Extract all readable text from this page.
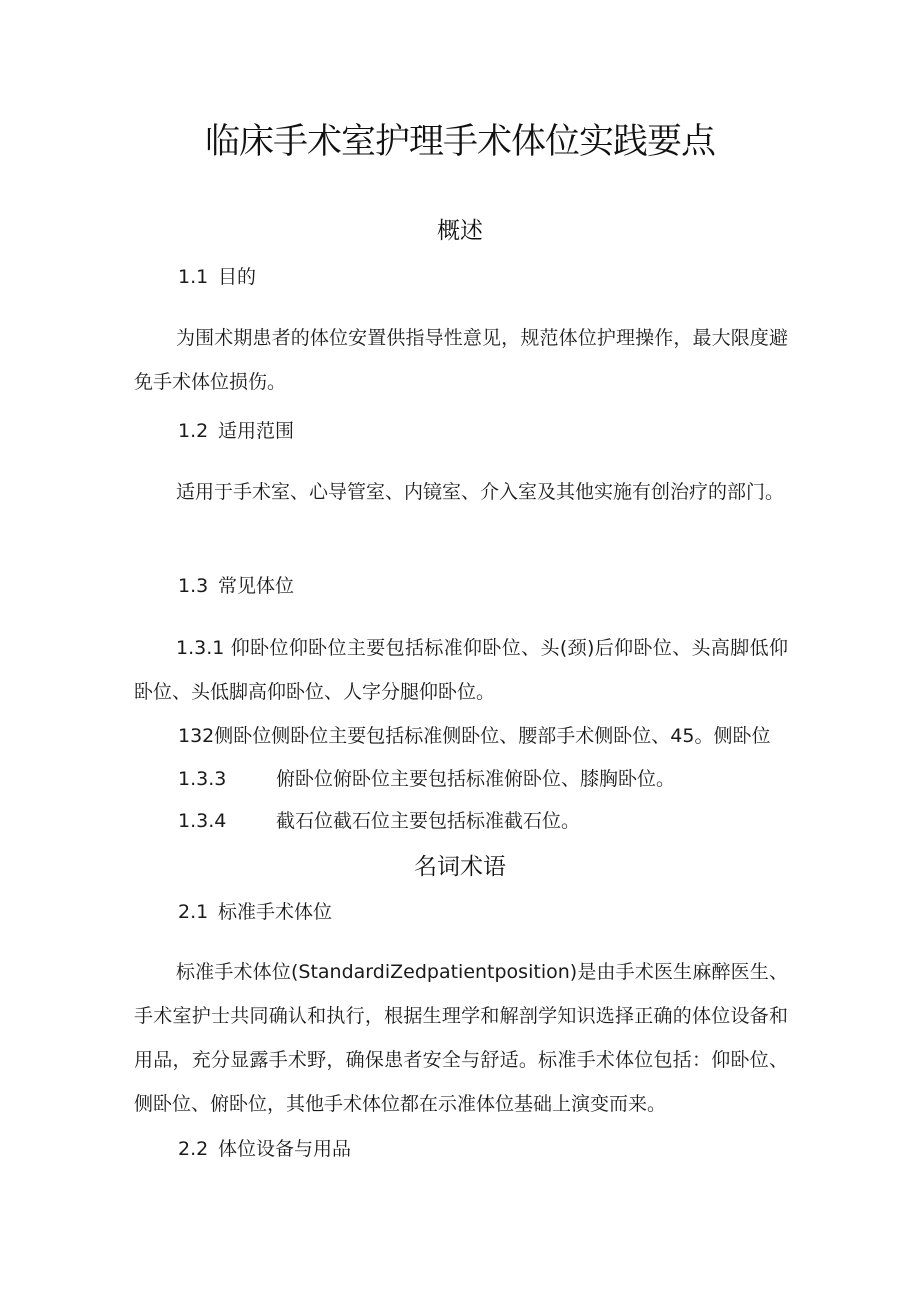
临床手术室护理手术体位实践要点
概述
1.1 目的
为围术期患者的体位安置供指导性意见，规范体位护理操作，最大限度避免手术体位损伤。
1.2 适用范围
适用于手术室、心导管室、内镜室、介入室及其他实施有创治疗的部门。
1.3 常见体位
1.3.1 仰卧位仰卧位主要包括标准仰卧位、头(颈)后仰卧位、头高脚低仰卧位、头低脚高仰卧位、人字分腿仰卧位。
132侧卧位侧卧位主要包括标准侧卧位、腰部手术侧卧位、45。侧卧位
1.3.3	俯卧位俯卧位主要包括标准俯卧位、膝胸卧位。
1.3.4	截石位截石位主要包括标准截石位。
名词术语
2.1 标准手术体位
标准手术体位(StandardiZedpatientposition)是由手术医生麻醉医生、手术室护士共同确认和执行，根据生理学和解剖学知识选择正确的体位设备和用品，充分显露手术野，确保患者安全与舒适。标准手术体位包括：仰卧位、侧卧位、俯卧位，其他手术体位都在示准体位基础上演变而来。
2.2 体位设备与用品
